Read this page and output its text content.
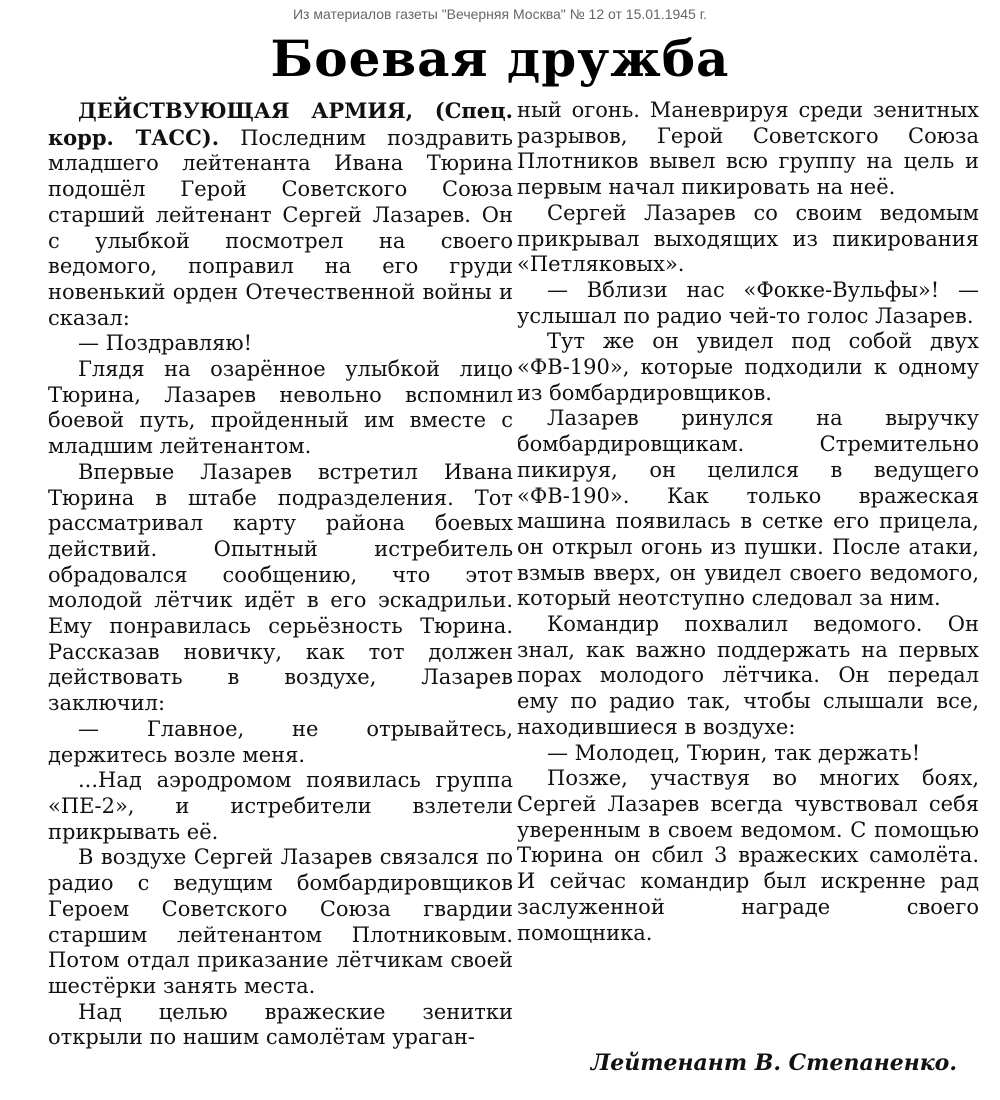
Из материалов газеты "Вечерняя Москва" № 12 от 15.01.1945 г.
Боевая дружба

ДЕЙСТВУЮЩАЯ АРМИЯ, (Спец. корр. ТАСС). Последним поздравить младшего лейтенанта Ивана Тюрина подошёл Герой Советского Союза старший лейтенант Сергей Лазарев. Он с улыбкой посмотрел на своего ведомого, поправил на его груди новенький орден Отечественной войны и сказал:

— Поздравляю!

Глядя на озарённое улыбкой лицо Тюрина, Лазарев невольно вспомнил боевой путь, пройденный им вместе с младшим лейтенантом.

Впервые Лазарев встретил Ивана Тюрина в штабе подразделения. Тот рассматривал карту района боевых действий. Опытный истребитель обрадовался сообщению, что этот молодой лётчик идёт в его эскадрильи. Ему понравилась серьёзность Тюрина. Рассказав новичку, как тот должен действовать в воздухе, Лазарев заключил:

— Главное, не отрывайтесь, держитесь возле меня.

...Над аэродромом появилась группа «ПЕ-2», и истребители взлетели прикрывать её.

В воздухе Сергей Лазарев связался по радио с ведущим бомбардировщиков Героем Советского Союза гвардии старшим лейтенантом Плотниковым. Потом отдал приказание лётчикам своей шестёрки занять места.

Над целью вражеские зенитки открыли по нашим самолётам ураган-

ный огонь. Маневрируя среди зенитных разрывов, Герой Советского Союза Плотников вывел всю группу на цель и первым начал пикировать на неё.

Сергей Лазарев со своим ведомым прикрывал выходящих из пикирования «Петляковых».

— Вблизи нас «Фокке-Вульфы»! — услышал по радио чей-то голос Лазарев.

Тут же он увидел под собой двух «ФВ-190», которые подходили к одному из бомбардировщиков.

Лазарев ринулся на выручку бомбардировщикам. Стремительно пикируя, он целился в ведущего «ФВ-190». Как только вражеская машина появилась в сетке его прицела, он открыл огонь из пушки. После атаки, взмыв вверх, он увидел своего ведомого, который неотступно следовал за ним.

Командир похвалил ведомого. Он знал, как важно поддержать на первых порах молодого лётчика. Он передал ему по радио так, чтобы слышали все, находившиеся в воздухе:

— Молодец, Тюрин, так держать!

Позже, участвуя во многих боях, Сергей Лазарев всегда чувствовал себя уверенным в своем ведомом. С помощью Тюрина он сбил 3 вражеских самолёта. И сейчас командир был искренне рад заслуженной награде своего помощника.

Лейтенант В. Степаненко.
